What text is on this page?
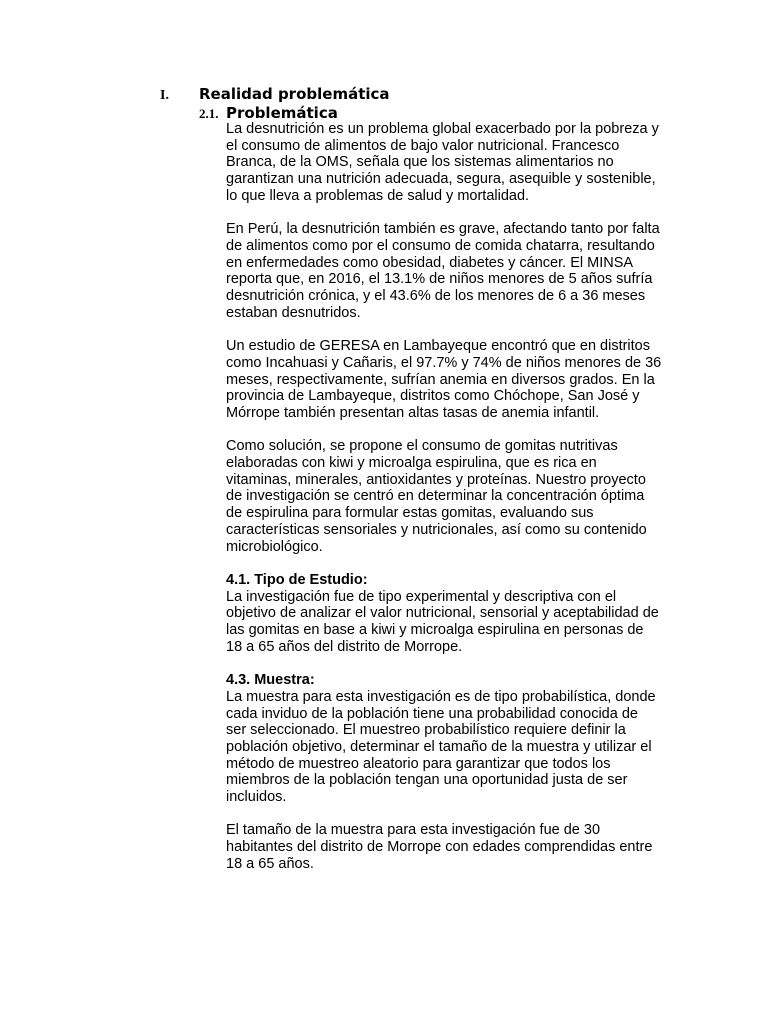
I. Realidad problemática
2.1. Problemática

La desnutrición es un problema global exacerbado por la pobreza y el consumo de alimentos de bajo valor nutricional. Francesco Branca, de la OMS, señala que los sistemas alimentarios no garantizan una nutrición adecuada, segura, asequible y sostenible, lo que lleva a problemas de salud y mortalidad.

En Perú, la desnutrición también es grave, afectando tanto por falta de alimentos como por el consumo de comida chatarra, resultando en enfermedades como obesidad, diabetes y cáncer. El MINSA reporta que, en 2016, el 13.1% de niños menores de 5 años sufría desnutrición crónica, y el 43.6% de los menores de 6 a 36 meses estaban desnutridos.

Un estudio de GERESA en Lambayeque encontró que en distritos como Incahuasi y Cañaris, el 97.7% y 74% de niños menores de 36 meses, respectivamente, sufrían anemia en diversos grados. En la provincia de Lambayeque, distritos como Chóchope, San José y Mórrope también presentan altas tasas de anemia infantil.

Como solución, se propone el consumo de gomitas nutritivas elaboradas con kiwi y microalga espirulina, que es rica en vitaminas, minerales, antioxidantes y proteínas. Nuestro proyecto de investigación se centró en determinar la concentración óptima de espirulina para formular estas gomitas, evaluando sus características sensoriales y nutricionales, así como su contenido microbiológico.

4.1. Tipo de Estudio:

La investigación fue de tipo experimental y descriptiva con el objetivo de analizar el valor nutricional, sensorial y aceptabilidad de las gomitas en base a kiwi y microalga espirulina en personas de 18 a 65 años del distrito de Morrope.

4.3. Muestra:

La muestra para esta investigación es de tipo probabilística, donde cada inviduo de la población tiene una probabilidad conocida de ser seleccionado. El muestreo probabilístico requiere definir la población objetivo, determinar el tamaño de la muestra y utilizar el método de muestreo aleatorio para garantizar que todos los miembros de la población tengan una oportunidad justa de ser incluidos.

El tamaño de la muestra para esta investigación fue de 30 habitantes del distrito de Morrope con edades comprendidas entre 18 a 65 años.
